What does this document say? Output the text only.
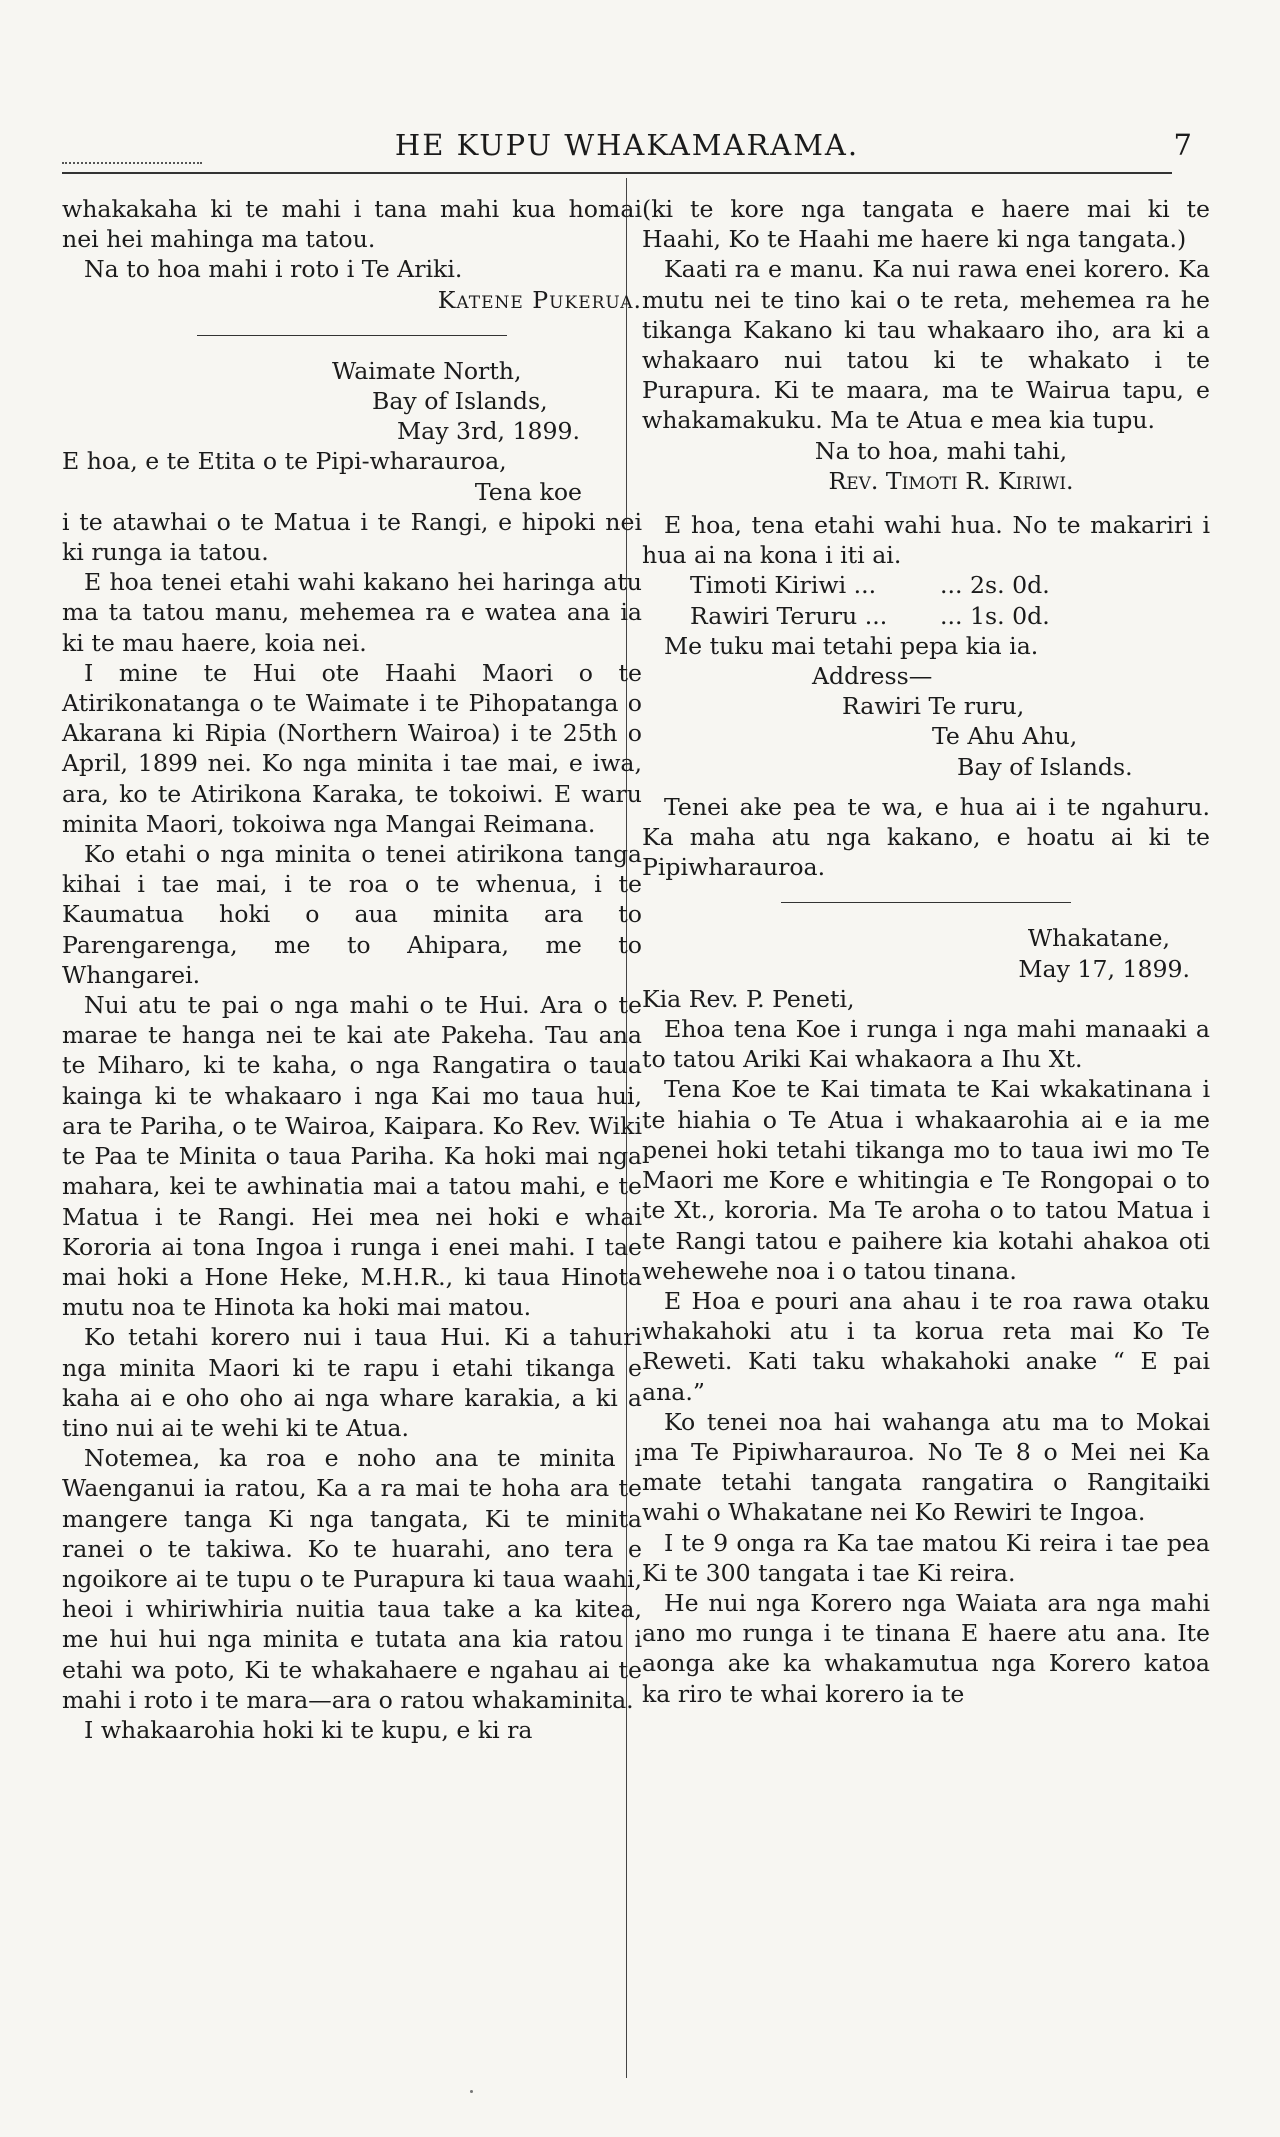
HE KUPU WHAKAMARAMA.	7

whakakaha ki te mahi i tana mahi kua homai nei hei mahinga ma tatou.

Na to hoa mahi i roto i Te Ariki.

Katene Pukerua.

Waimate North,

Bay of Islands,

May 3rd, 1899.

E hoa, e te Etita o te Pipi-wharauroa,

Tena koe

i te atawhai o te Matua i te Rangi, e hipoki nei ki runga ia tatou.

E hoa tenei etahi wahi kakano hei haringa atu ma ta tatou manu, mehemea ra e watea ana ia ki te mau haere, koia nei.

I mine te Hui ote Haahi Maori o te Atirikonatanga o te Waimate i te Pihopatanga o Akarana ki Ripia (Northern Wairoa) i te 25th o April, 1899 nei. Ko nga minita i tae mai, e iwa, ara, ko te Atirikona Karaka, te tokoiwi. E waru minita Maori, tokoiwa nga Mangai Reimana.

Ko etahi o nga minita o tenei atirikona tanga kihai i tae mai, i te roa o te whenua, i te Kaumatua hoki o aua minita ara to Parengarenga, me to Ahipara, me to Whangarei.

Nui atu te pai o nga mahi o te Hui. Ara o te marae te hanga nei te kai ate Pakeha. Tau ana te Miharo, ki te kaha, o nga Rangatira o taua kainga ki te whakaaro i nga Kai mo taua hui, ara te Pariha, o te Wairoa, Kaipara. Ko Rev. Wiki te Paa te Minita o taua Pariha. Ka hoki mai nga mahara, kei te awhinatia mai a tatou mahi, e te Matua i te Rangi. Hei mea nei hoki e whai Kororia ai tona Ingoa i runga i enei mahi. I tae mai hoki a Hone Heke, M.H.R., ki taua Hinota mutu noa te Hinota ka hoki mai matou.

Ko tetahi korero nui i taua Hui. Ki a tahuri nga minita Maori ki te rapu i etahi tikanga e kaha ai e oho oho ai nga whare karakia, a ki a tino nui ai te wehi ki te Atua.

Notemea, ka roa e noho ana te minita i Waenganui ia ratou, Ka a ra mai te hoha ara te mangere tanga Ki nga tangata, Ki te minita ranei o te takiwa. Ko te huarahi, ano tera e ngoikore ai te tupu o te Purapura ki taua waahi, heoi i whiriwhiria nuitia taua take a ka kitea, me hui hui nga minita e tutata ana kia ratou i etahi wa poto, Ki te whakahaere e ngahau ai te mahi i roto i te mara—ara o ratou whakaminita.

I whakaarohia hoki ki te kupu, e ki ra

(ki te kore nga tangata e haere mai ki te Haahi, Ko te Haahi me haere ki nga tangata.)

Kaati ra e manu. Ka nui rawa enei korero. Ka mutu nei te tino kai o te reta, mehemea ra he tikanga Kakano ki tau whakaaro iho, ara ki a whakaaro nui tatou ki te whakato i te Purapura. Ki te maara, ma te Wairua tapu, e whakamakuku. Ma te Atua e mea kia tupu.

Na to hoa, mahi tahi,

Rev. Timoti R. Kiriwi.

E hoa, tena etahi wahi hua. No te makariri i hua ai na kona i iti ai.

Timoti Kiriwi ...	... 2s. 0d.
Rawiri Teruru ...	... 1s. 0d.

Me tuku mai tetahi pepa kia ia.

Address—

Rawiri Te ruru,

Te Ahu Ahu,

Bay of Islands.

Tenei ake pea te wa, e hua ai i te ngahuru. Ka maha atu nga kakano, e hoatu ai ki te Pipiwharauroa.

Whakatane,

May 17, 1899.

Kia Rev. P. Peneti,

Ehoa tena Koe i runga i nga mahi manaaki a to tatou Ariki Kai whakaora a Ihu Xt.

Tena Koe te Kai timata te Kai wkakatinana i te hiahia o Te Atua i whakaarohia ai e ia me penei hoki tetahi tikanga mo to taua iwi mo Te Maori me Kore e whitingia e Te Rongopai o to te Xt., kororia. Ma Te aroha o to tatou Matua i te Rangi tatou e paihere kia kotahi ahakoa oti wehewehe noa i o tatou tinana.

E Hoa e pouri ana ahau i te roa rawa otaku whakahoki atu i ta korua reta mai Ko Te Reweti. Kati taku whakahoki anake “ E pai ana.”

Ko tenei noa hai wahanga atu ma to Mokai ma Te Pipiwharauroa. No Te 8 o Mei nei Ka mate tetahi tangata rangatira o Rangitaiki wahi o Whakatane nei Ko Rewiri te Ingoa.

I te 9 onga ra Ka tae matou Ki reira i tae pea Ki te 300 tangata i tae Ki reira.

He nui nga Korero nga Waiata ara nga mahi ano mo runga i te tinana E haere atu ana. Ite aonga ake ka whakamutua nga Korero katoa ka riro te whai korero ia te
